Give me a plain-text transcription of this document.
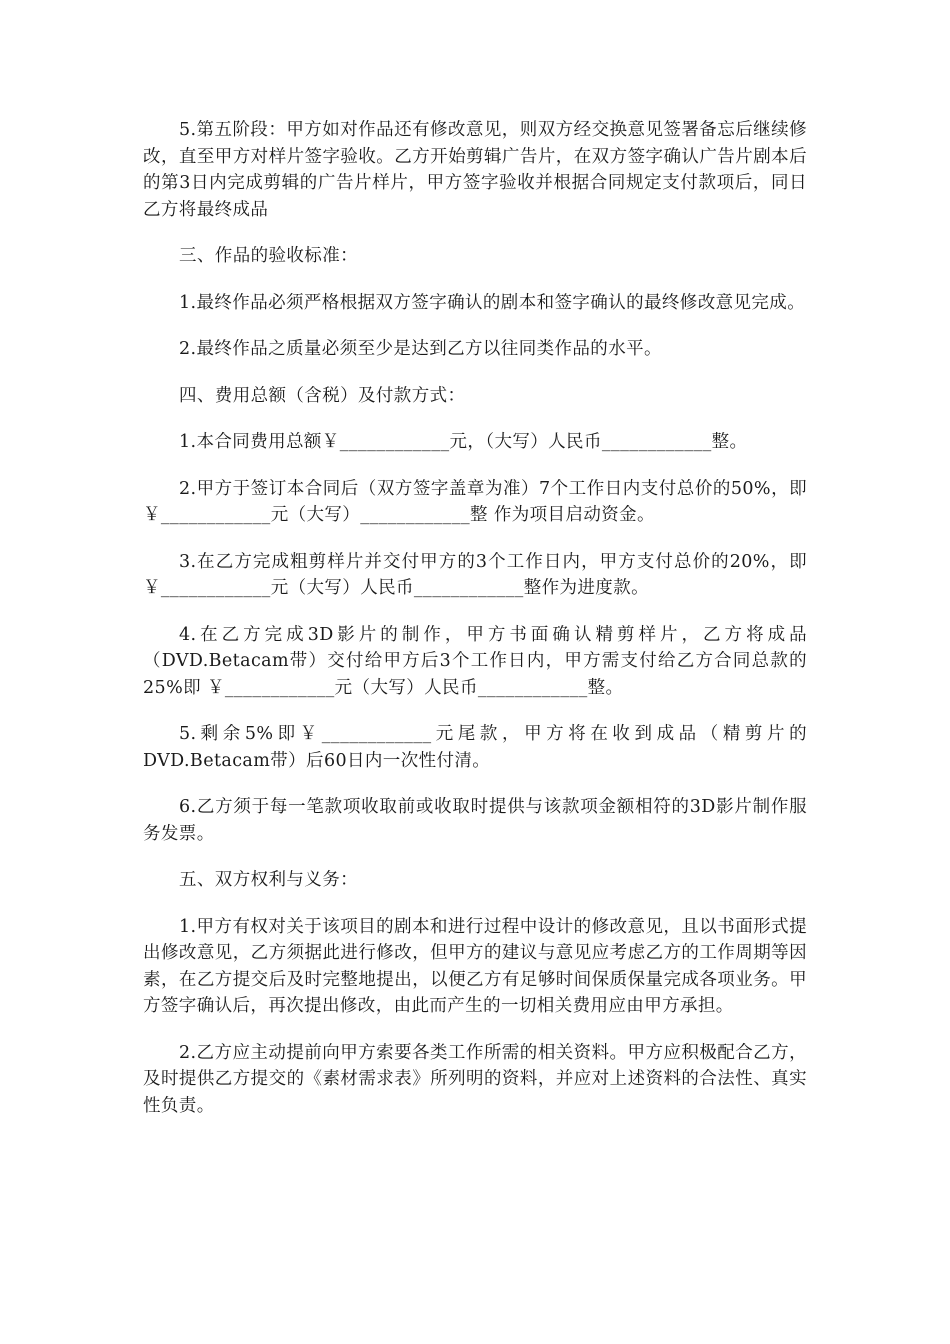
5.第五阶段：甲方如对作品还有修改意见，则双方经交换意见签署备忘后继续修改，直至甲方对样片签字验收。乙方开始剪辑广告片，在双方签字确认广告片剧本后的第3日内完成剪辑的广告片样片，甲方签字验收并根据合同规定支付款项后，同日乙方将最终成品

三、作品的验收标准：

1.最终作品必须严格根据双方签字确认的剧本和签字确认的最终修改意见完成。

2.最终作品之质量必须至少是达到乙方以往同类作品的水平。

四、费用总额（含税）及付款方式：

1.本合同费用总额￥____________元，（大写）人民币____________整。

2.甲方于签订本合同后（双方签字盖章为准）7个工作日内支付总价的50%，即￥____________元（大写）____________整 作为项目启动资金。

3.在乙方完成粗剪样片并交付甲方的3个工作日内，甲方支付总价的20%，即￥____________元（大写）人民币____________整作为进度款。

4.在乙方完成3D影片的制作，甲方书面确认精剪样片，乙方将成品（DVD.Betacam带）交付给甲方后3个工作日内，甲方需支付给乙方合同总款的25%即 ￥____________元（大写）人民币____________整。

5.剩余5%即￥____________元尾款，甲方将在收到成品（精剪片的DVD.Betacam带）后60日内一次性付清。

6.乙方须于每一笔款项收取前或收取时提供与该款项金额相符的3D影片制作服务发票。

五、双方权利与义务：

1.甲方有权对关于该项目的剧本和进行过程中设计的修改意见，且以书面形式提出修改意见，乙方须据此进行修改，但甲方的建议与意见应考虑乙方的工作周期等因素，在乙方提交后及时完整地提出，以便乙方有足够时间保质保量完成各项业务。甲方签字确认后，再次提出修改，由此而产生的一切相关费用应由甲方承担。

2.乙方应主动提前向甲方索要各类工作所需的相关资料。甲方应积极配合乙方，及时提供乙方提交的《素材需求表》所列明的资料，并应对上述资料的合法性、真实性负责。
